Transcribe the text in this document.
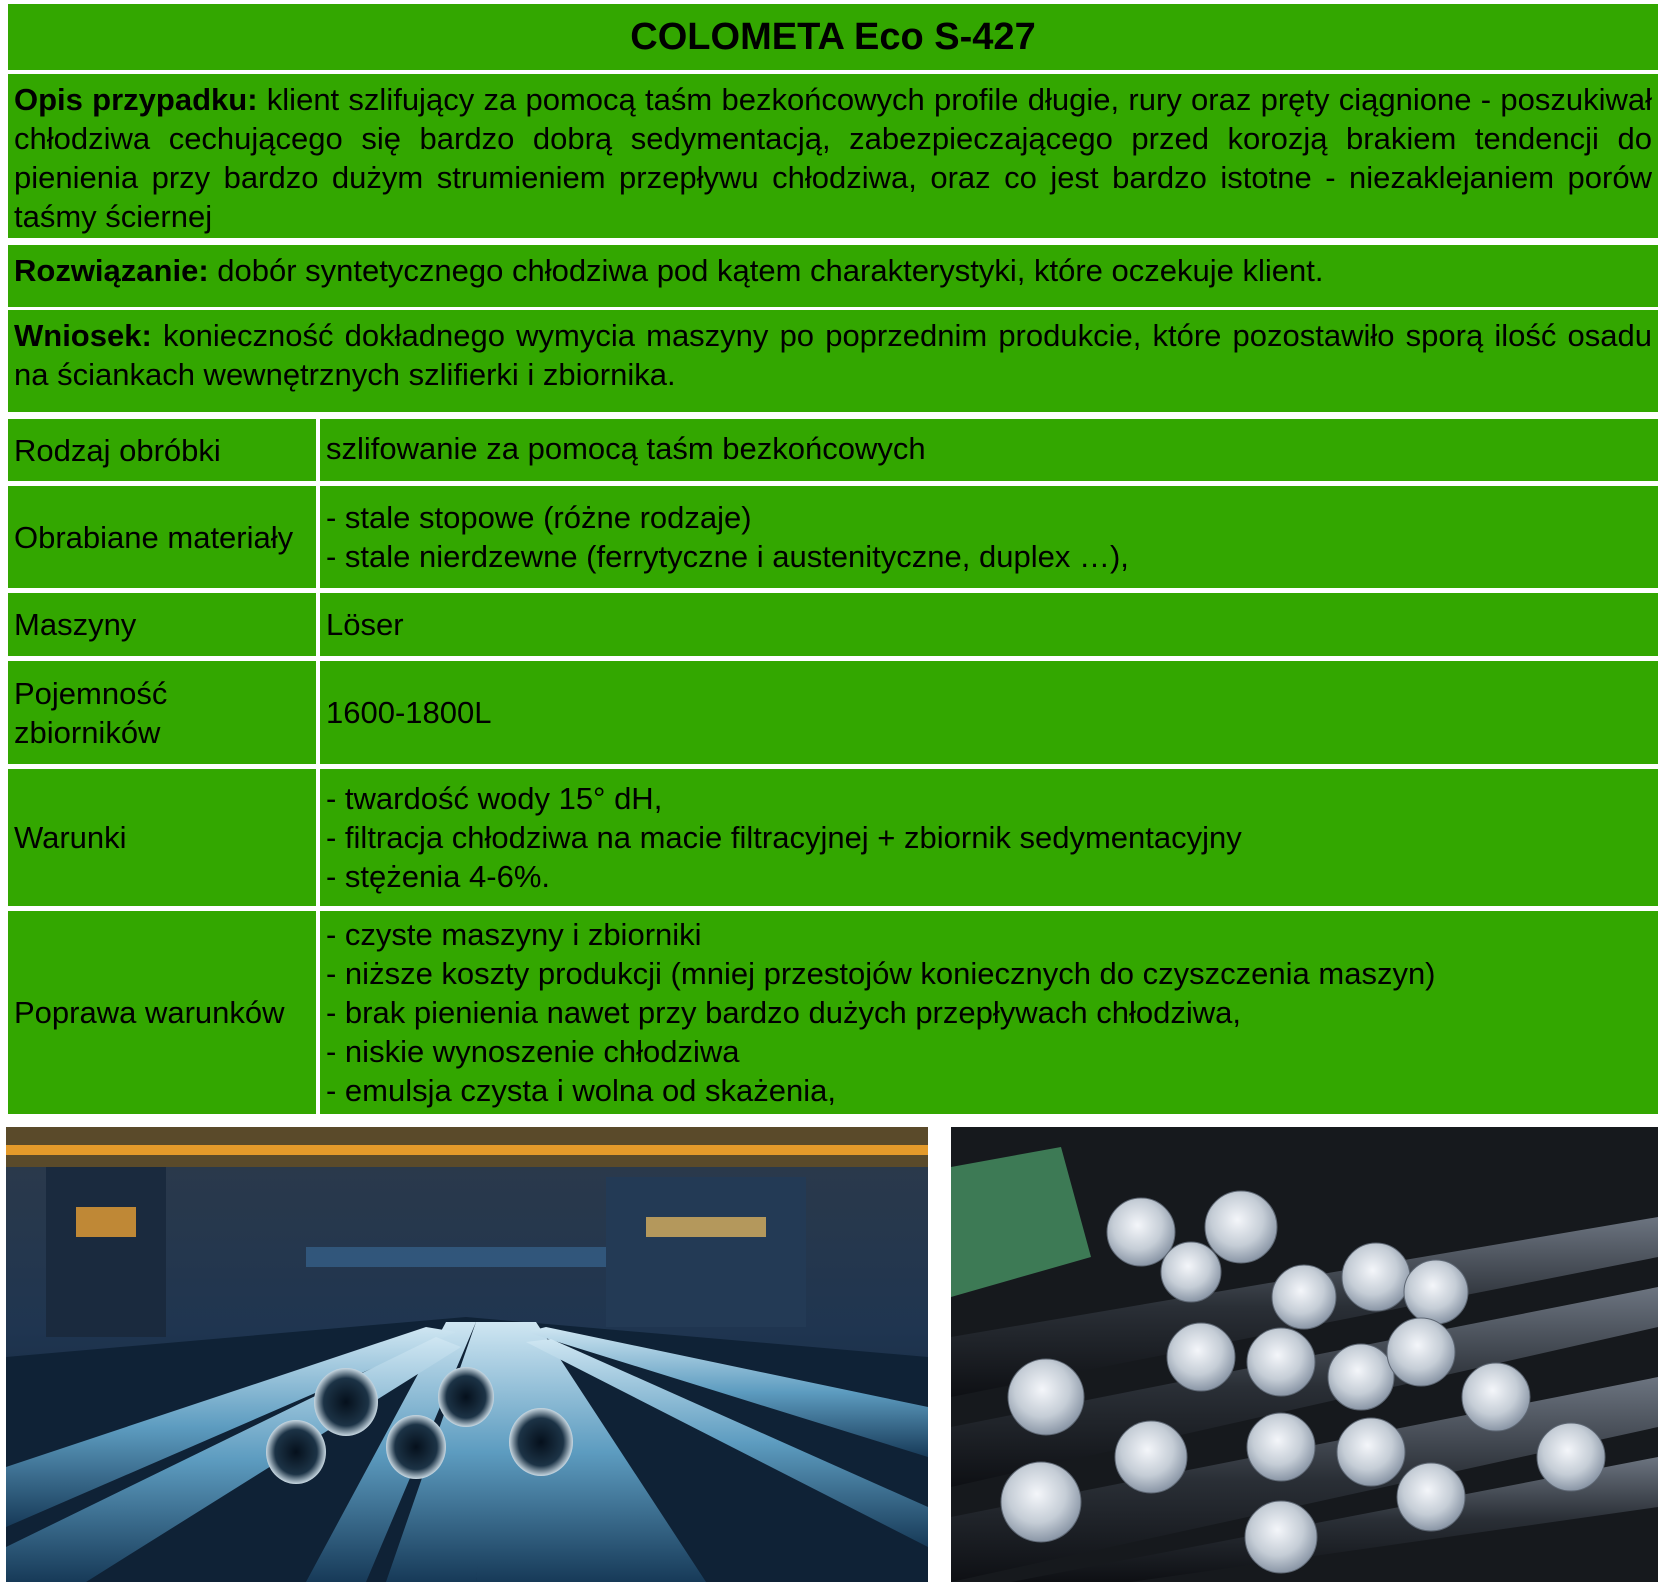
COLOMETA Eco S-427
Opis przypadku: klient szlifujący za pomocą taśm bezkońcowych profile długie, rury oraz pręty ciągnione - poszukiwał chłodziwa cechującego się bardzo dobrą sedymentacją, zabezpieczającego przed korozją brakiem tendencji do pienienia przy bardzo dużym strumieniem przepływu chłodziwa, oraz co jest bardzo istotne - niezaklejaniem porów taśmy ściernej
Rozwiązanie: dobór syntetycznego chłodziwa pod kątem charakterystyki, które oczekuje klient.
Wniosek: konieczność dokładnego wymycia maszyny po poprzednim produkcie, które pozostawiło sporą ilość osadu na ściankach wewnętrznych szlifierki i zbiornika.
Rodzaj obróbki	szlifowanie za pomocą taśm bezkońcowych
Obrabiane materiały
- stale stopowe (różne rodzaje)
- stale nierdzewne (ferrytyczne i austenityczne, duplex …),
Maszyny	Löser
Pojemność zbiorników
1600-1800L
Warunki
- twardość wody 15° dH,
- filtracja chłodziwa na macie filtracyjnej + zbiornik sedymentacyjny
- stężenia 4-6%.
Poprawa warunków
- czyste maszyny i zbiorniki
- niższe koszty produkcji (mniej przestojów koniecznych do czyszczenia maszyn)
- brak pienienia nawet przy bardzo dużych przepływach chłodziwa,
- niskie wynoszenie chłodziwa
- emulsja czysta i wolna od skażenia,
